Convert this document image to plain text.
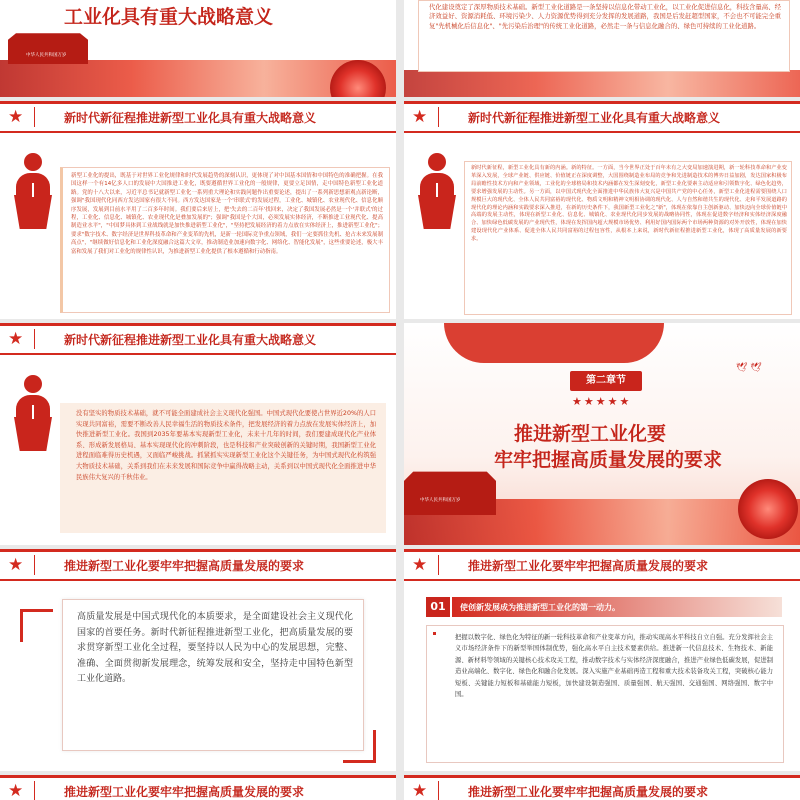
中华人民共和国万岁
工业化具有重大战略意义	代化建设奠定了深厚物质技术基础。新型工业化道路是一条坚持以信息化带动工业化，以工业化促进信息化，科技含量高、经济效益好、资源消耗低、环境污染少、人力资源优势得到充分发挥的发展道路，我国是后发赶超型国家，不会也不可能完全重复"先机械化后信息化"、"先污染后治理"的传统工业化道路，必然走一条与信息化融合的、绿色可持续的工业化道路。
★	新时代新征程推进新型工业化具有重大战略意义
新型工业化的提出，既基于对世界工业化规律和时代发展趋势的深刻认识，更体现了对中国基本国情和中国特色的准确把握。在我国这样一个有14亿多人口的发展中大国推进工业化，既要遵循世界工业化的一般规律，更要立足国情，走中国特色新型工业化道路。党的十八大以来，习近平总书记就新型工业化一系列重大理论和实践问题作出重要论述，提出了一系列新思想新观点新论断，强调"我国现代化同西方发达国家有很大不同。西方发达国家是一个'串联式'的发展过程，工业化、城镇化、农业现代化、信息化顺序发展，发展到目前水平用了二百多年时间。我们要后来居上，把'失去的二百年'找回来，决定了我国发展必然是一个'并联式'的过程，工业化、信息化、城镇化、农业现代化是叠加发展的"；强调"我国是个大国，必须发展实体经济，不断推进工业现代化、提高制造业水平"，"中国梦具体到工业战线就是加快推进新型工业化"，"坚持把发展经济的着力点放在实体经济上，推进新型工业化"；要求"数字技术、数字经济是世界科技革命和产业变革的先机，是新一轮国际竞争重点领域，我们一定要抓住先机、抢占未来发展制高点"，"继续做好信息化和工业化深度融合这篇大文章，推动制造业加速向数字化、网络化、智能化发展"，这些重要论述，极大丰富和发展了我们对工业化的规律性认识，为推进新型工业化提供了根本遵循和行动指南。
★	新时代新征程推进新型工业化具有重大战略意义
新时代新征程，新型工业化具有新的内涵。新的特征。一方面，当今世界正处于百年未有之大变局加速演进期，新一轮科技革命和产业变革深入发展，全球产业链、供应链、价值链正在深度调整，大国围绕制造业布局的竞争和先进制造技术的博弈日益加剧，发达国家积极布局前瞻性技术方向和产业领域，工业化的全球格局和技术内涵都在发生深刻变化，新型工业化要素主动适应和引领数字化、绿色化趋势，要求增强发展的主动性。另一方面，以中国式现代化全面推进中华民族伟大复兴是中国共产党的中心任务，新型工业化进程需要围绕人口规模巨大的现代化、全体人民共同富裕的现代化、物质文明和精神文明相协调的现代化、人与自然和谐共生的现代化、走和平发展道路的现代化的理论内涵和实践要求深入推进，在新的历史条件下，我国新型工业化之"新"，体现在依靠自主创新驱动、加快迈向全球价值链中高端的发展主动性，体现在新型工业化、信息化、城镇化、农业现代化同步发展的战略协同性，体现在促进数字经济和实体经济深度融合、加快绿色低碳发展的产业现代性，体现在发挥国内超大规模市场优势、利用好国内国际两个市场两种资源的对外开放性，体现在加快建设现代化产业体系、促进全体人民共同富裕的过程包容性，从根本上来说，新时代新征程推进新型工业化，体现了高质量发展的新要求。
★	新时代新征程推进新型工业化具有重大战略意义
没有坚实的物质技术基础，就不可能全面建成社会主义现代化强国。中国式现代化要使占世界近20%的人口实现共同富裕，需要不断改善人民幸福生活的物质技术条件，把发展经济的着力点放在发展实体经济上，加快推进新型工业化。我国到2035年要基本实现新型工业化，未来十几年的时间，我们要建成现代化产业体系、形成新发展格局、基本实现现代化的冲刺阶段，也是科技和产业突破创新的关键时期，我国新型工业化进程面临难得历史机遇，又面临严峻挑战。抓紧抓实实现新型工业化这个关键任务，为中国式现代化构筑强大物质技术基础，关系到我们在未来发展和国际竞争中赢得战略主动，关系到以中国式现代化全面推进中华民族伟大复兴的千秋伟业。
第二章节
★★★★★
🕊 🕊
推进新型工业化要
牢牢把握高质量发展的要求
中华人民共和国万岁
★	推进新型工业化要牢牢把握高质量发展的要求
高质量发展是中国式现代化的本质要求，是全面建设社会主义现代化国家的首要任务。新时代新征程推进新型工业化，把高质量发展的要求贯穿新型工业化全过程，要坚持以人民为中心的发展思想，完整、准确、全面贯彻新发展理念，统筹发展和安全，坚持走中国特色新型工业化道路。
★	推进新型工业化要牢牢把握高质量发展的要求
01	使创新发展成为推进新型工业化的第一动力。
把握以数字化、绿色化为特征的新一轮科技革命和产业变革方向，推动实现高水平科技自立自强。充分发挥社会主义市场经济条件下的新型举国体制优势，强化高水平自主技术要素供给。推进新一代信息技术、生物技术、新能源、新材料等领域的关键核心技术攻关工程，推动数字技术与实体经济深度融合，推进产业绿色低碳发展，促进制造业高端化、数字化、绿色化和融合化发展。深入实施产业基础再造工程和重大技术装备攻关工程，突破核心能力短板、关键能力短板和基础能力短板，加快建设制造强国、质量强国、航天强国、交通强国、网络强国、数字中国。
★	推进新型工业化要牢牢把握高质量发展的要求	★	推进新型工业化要牢牢把握高质量发展的要求
